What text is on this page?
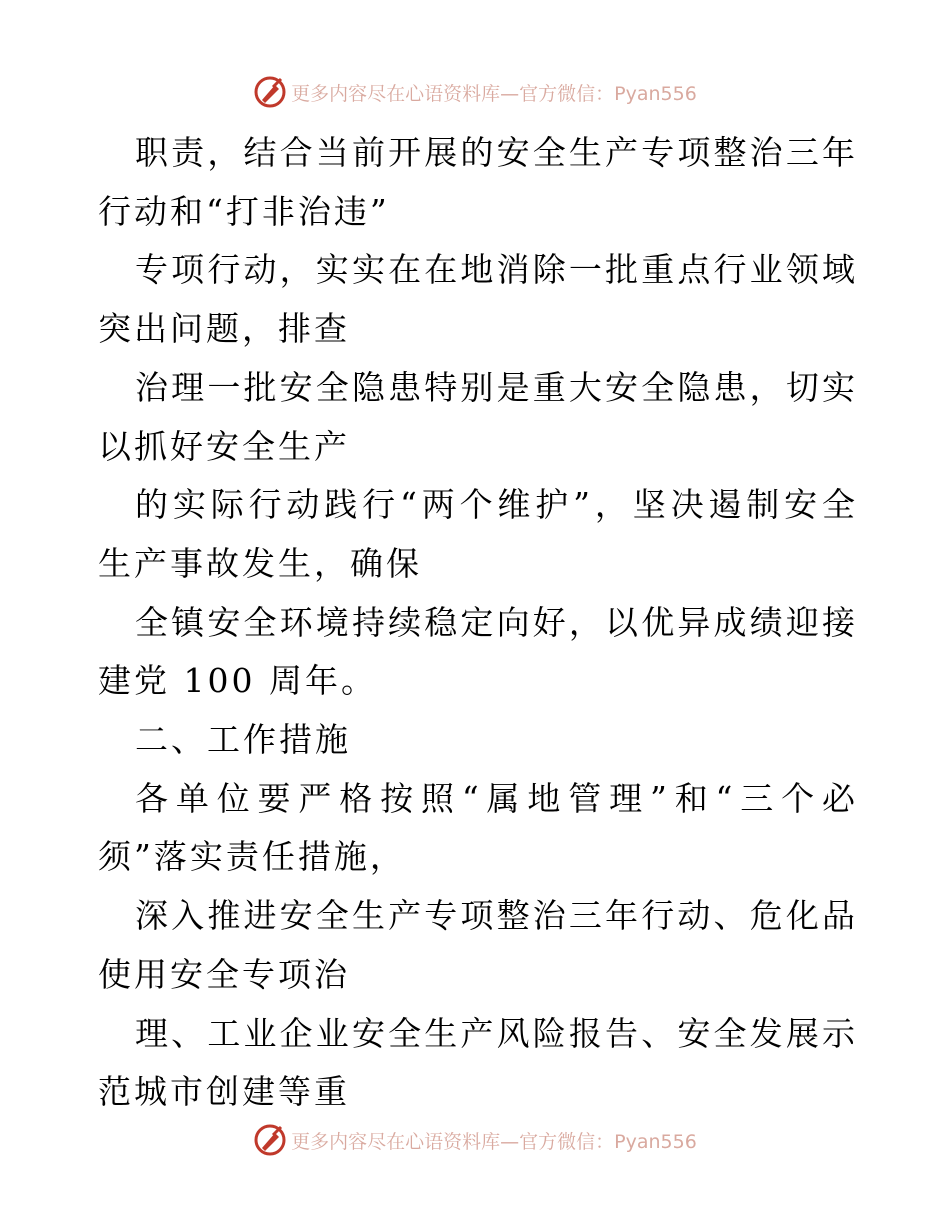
更多内容尽在心语资料库—官方微信：Pyan556

职责，结合当前开展的安全生产专项整治三年行动和“打非治违”

专项行动，实实在在地消除一批重点行业领域突出问题，排查

治理一批安全隐患特别是重大安全隐患，切实以抓好安全生产

的实际行动践行“两个维护”，坚决遏制安全生产事故发生，确保

全镇安全环境持续稳定向好，以优异成绩迎接建党 100 周年。

二、工作措施

各单位要严格按照“属地管理”和“三个必须”落实责任措施，

深入推进安全生产专项整治三年行动、危化品使用安全专项治

理、工业企业安全生产风险报告、安全发展示范城市创建等重

更多内容尽在心语资料库—官方微信：Pyan556
